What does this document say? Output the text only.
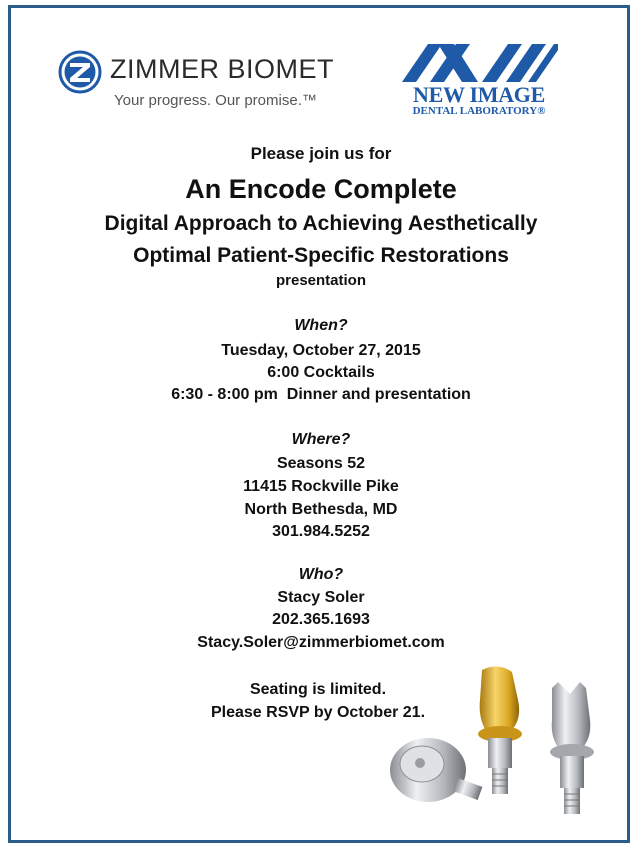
ZIMMER BIOMET
Your progress. Our promise.™	NEW IMAGE
DENTAL LABORATORY®
Please join us for
An Encode Complete
Digital Approach to Achieving Aesthetically
Optimal Patient-Specific Restorations
presentation
When?
Tuesday, October 27, 2015
6:00 Cocktails
6:30 - 8:00 pm  Dinner and presentation
Where?
Seasons 52
11415 Rockville Pike
North Bethesda, MD
301.984.5252
Who?
Stacy Soler
202.365.1693
Stacy.Soler@zimmerbiomet.com
Seating is limited.
Please RSVP by October 21.
